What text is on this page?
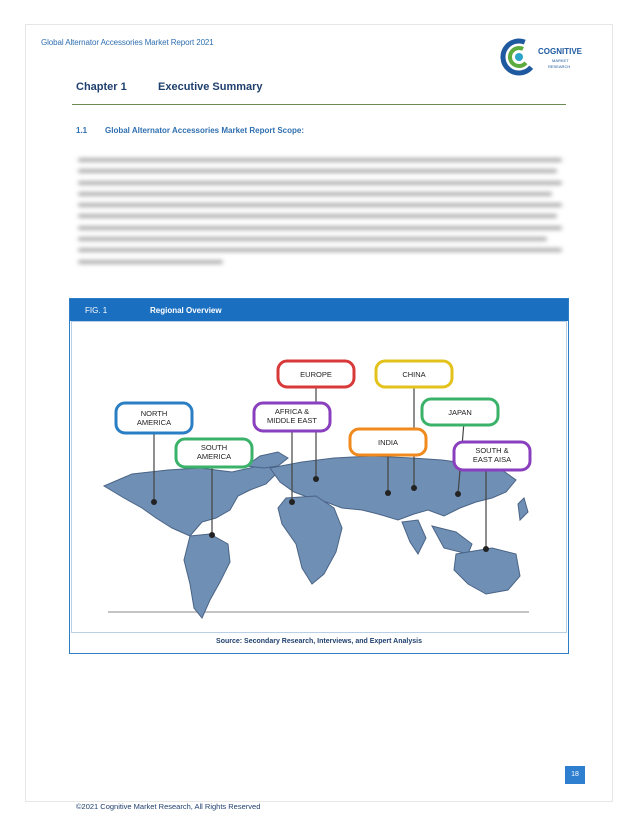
Global Alternator Accessories Market Report 2021
COGNITIVE
MARKET
RESEARCH
Chapter 1	Executive Summary
1.1 Global Alternator Accessories Market Report Scope:
FIG. 1	Regional Overview
NORTH
AMERICA
SOUTH
AMERICA
AFRICA &
MIDDLE EAST
EUROPE	CHINA
INDIA
JAPAN
SOUTH &
EAST AISA
Source: Secondary Research, Interviews, and Expert Analysis
18
©2021 Cognitive Market Research, All Rights Reserved
